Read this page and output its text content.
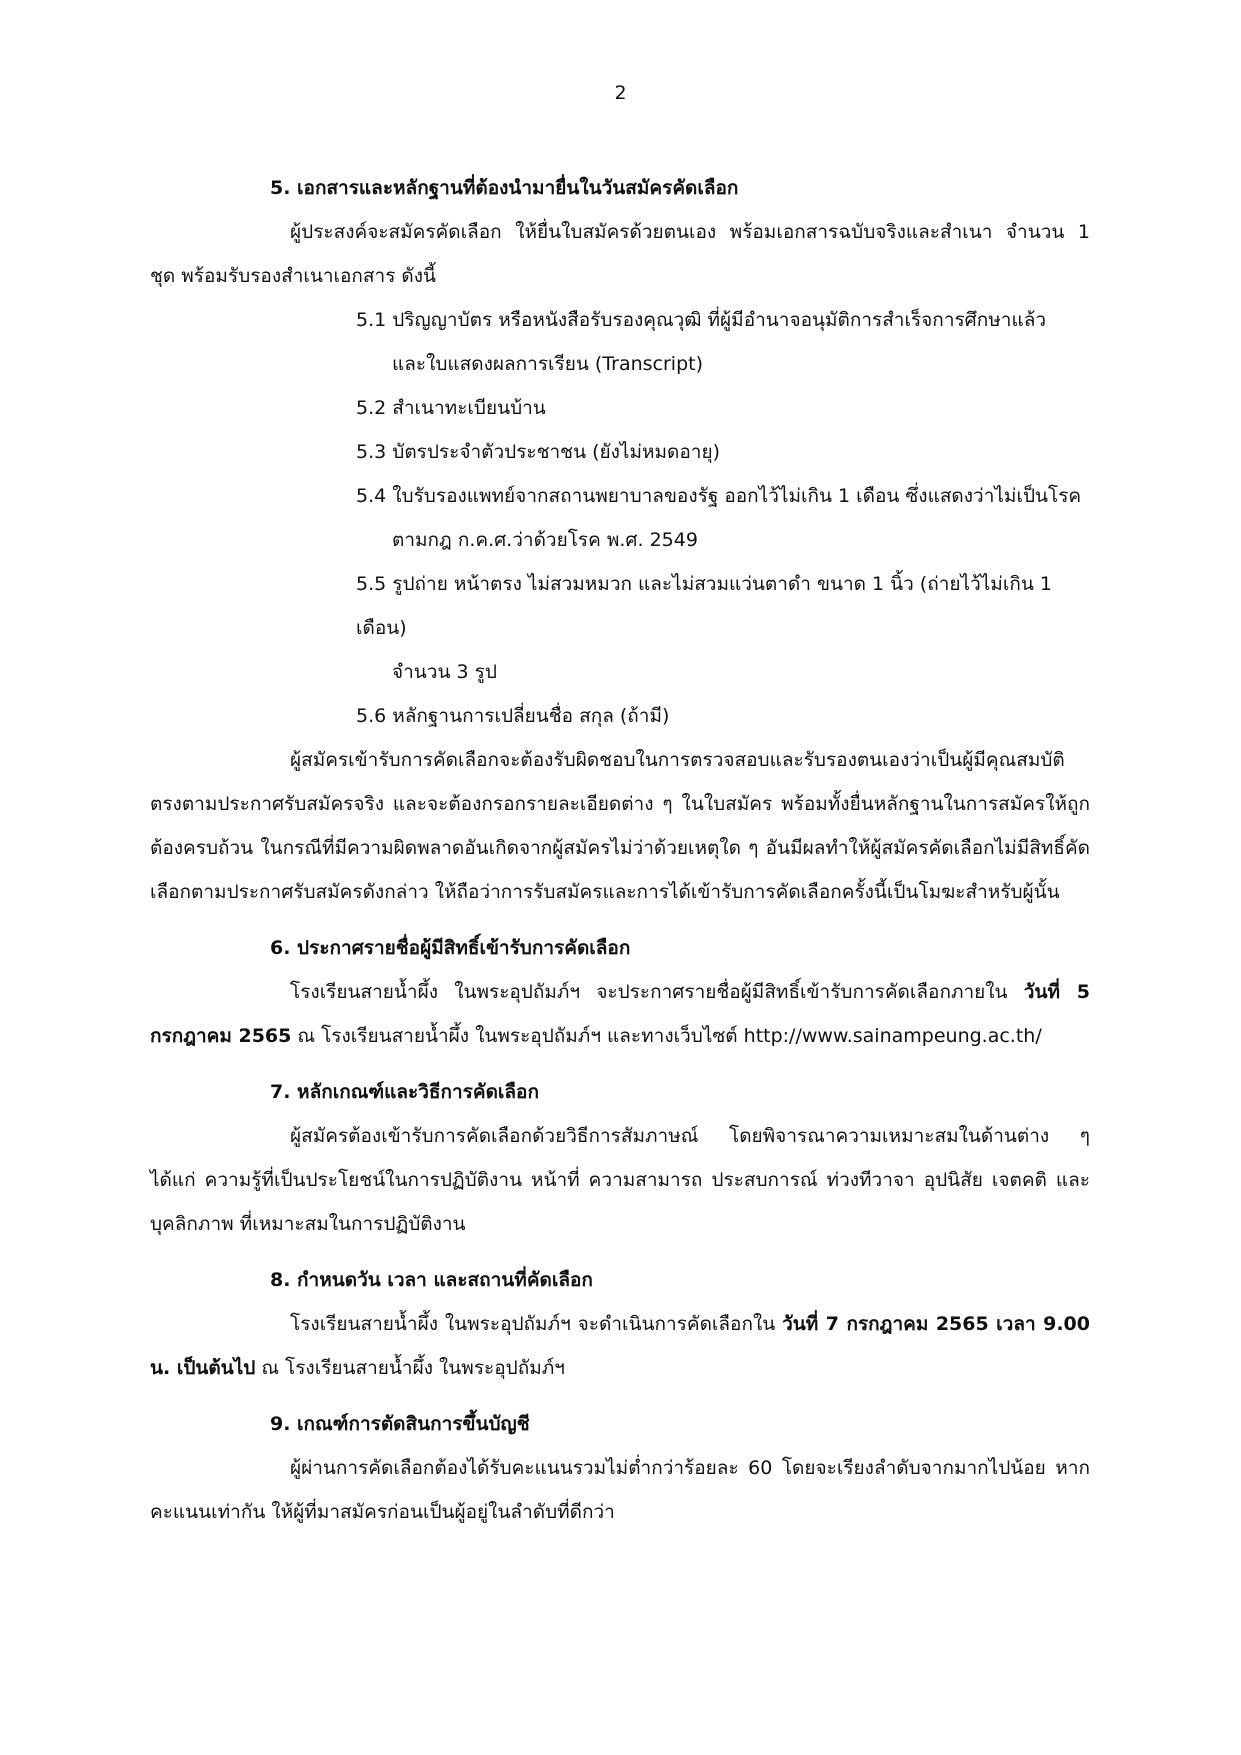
2
5. เอกสารและหลักฐานที่ต้องนำมายื่นในวันสมัครคัดเลือก

ผู้ประสงค์จะสมัครคัดเลือก ให้ยื่นใบสมัครด้วยตนเอง พร้อมเอกสารฉบับจริงและสำเนา จำนวน 1 ชุด พร้อมรับรองสำเนาเอกสาร ดังนี้

5.1 ปริญญาบัตร หรือหนังสือรับรองคุณวุฒิ ที่ผู้มีอำนาจอนุมัติการสำเร็จการศึกษาแล้ว
และใบแสดงผลการเรียน (Transcript)
5.2 สำเนาทะเบียนบ้าน
5.3 บัตรประจำตัวประชาชน (ยังไม่หมดอายุ)
5.4 ใบรับรองแพทย์จากสถานพยาบาลของรัฐ ออกไว้ไม่เกิน 1 เดือน ซึ่งแสดงว่าไม่เป็นโรค
ตามกฎ ก.ค.ศ.ว่าด้วยโรค พ.ศ. 2549
5.5 รูปถ่าย หน้าตรง ไม่สวมหมวก และไม่สวมแว่นตาดำ ขนาด 1 นิ้ว (ถ่ายไว้ไม่เกิน 1 เดือน)
จำนวน 3 รูป
5.6 หลักฐานการเปลี่ยนชื่อ สกุล (ถ้ามี)

ผู้สมัครเข้ารับการคัดเลือกจะต้องรับผิดชอบในการตรวจสอบและรับรองตนเองว่าเป็นผู้มีคุณสมบัติตรงตามประกาศรับสมัครจริง และจะต้องกรอกรายละเอียดต่าง ๆ ในใบสมัคร พร้อมทั้งยื่นหลักฐานในการสมัครให้ถูกต้องครบถ้วน ในกรณีที่มีความผิดพลาดอันเกิดจากผู้สมัครไม่ว่าด้วยเหตุใด ๆ อันมีผลทำให้ผู้สมัครคัดเลือกไม่มีสิทธิ์คัดเลือกตามประกาศรับสมัครดังกล่าว ให้ถือว่าการรับสมัครและการได้เข้ารับการคัดเลือกครั้งนี้เป็นโมฆะสำหรับผู้นั้น

6. ประกาศรายชื่อผู้มีสิทธิ์เข้ารับการคัดเลือก

โรงเรียนสายน้ำผึ้ง ในพระอุปถัมภ์ฯ จะประกาศรายชื่อผู้มีสิทธิ์เข้ารับการคัดเลือกภายใน วันที่ 5 กรกฎาคม 2565 ณ โรงเรียนสายน้ำผึ้ง ในพระอุปถัมภ์ฯ และทางเว็บไซต์ http://www.sainampeung.ac.th/

7. หลักเกณฑ์และวิธีการคัดเลือก

ผู้สมัครต้องเข้ารับการคัดเลือกด้วยวิธีการสัมภาษณ์ โดยพิจารณาความเหมาะสมในด้านต่าง ๆ ได้แก่ ความรู้ที่เป็นประโยชน์ในการปฏิบัติงาน หน้าที่ ความสามารถ ประสบการณ์ ท่วงทีวาจา อุปนิสัย เจตคติ และบุคลิกภาพ ที่เหมาะสมในการปฏิบัติงาน

8. กำหนดวัน เวลา และสถานที่คัดเลือก

โรงเรียนสายน้ำผึ้ง ในพระอุปถัมภ์ฯ จะดำเนินการคัดเลือกใน วันที่ 7 กรกฎาคม 2565 เวลา 9.00 น. เป็นต้นไป ณ โรงเรียนสายน้ำผึ้ง ในพระอุปถัมภ์ฯ

9. เกณฑ์การตัดสินการขึ้นบัญชี

ผู้ผ่านการคัดเลือกต้องได้รับคะแนนรวมไม่ต่ำกว่าร้อยละ 60 โดยจะเรียงลำดับจากมากไปน้อย หากคะแนนเท่ากัน ให้ผู้ที่มาสมัครก่อนเป็นผู้อยู่ในลำดับที่ดีกว่า
